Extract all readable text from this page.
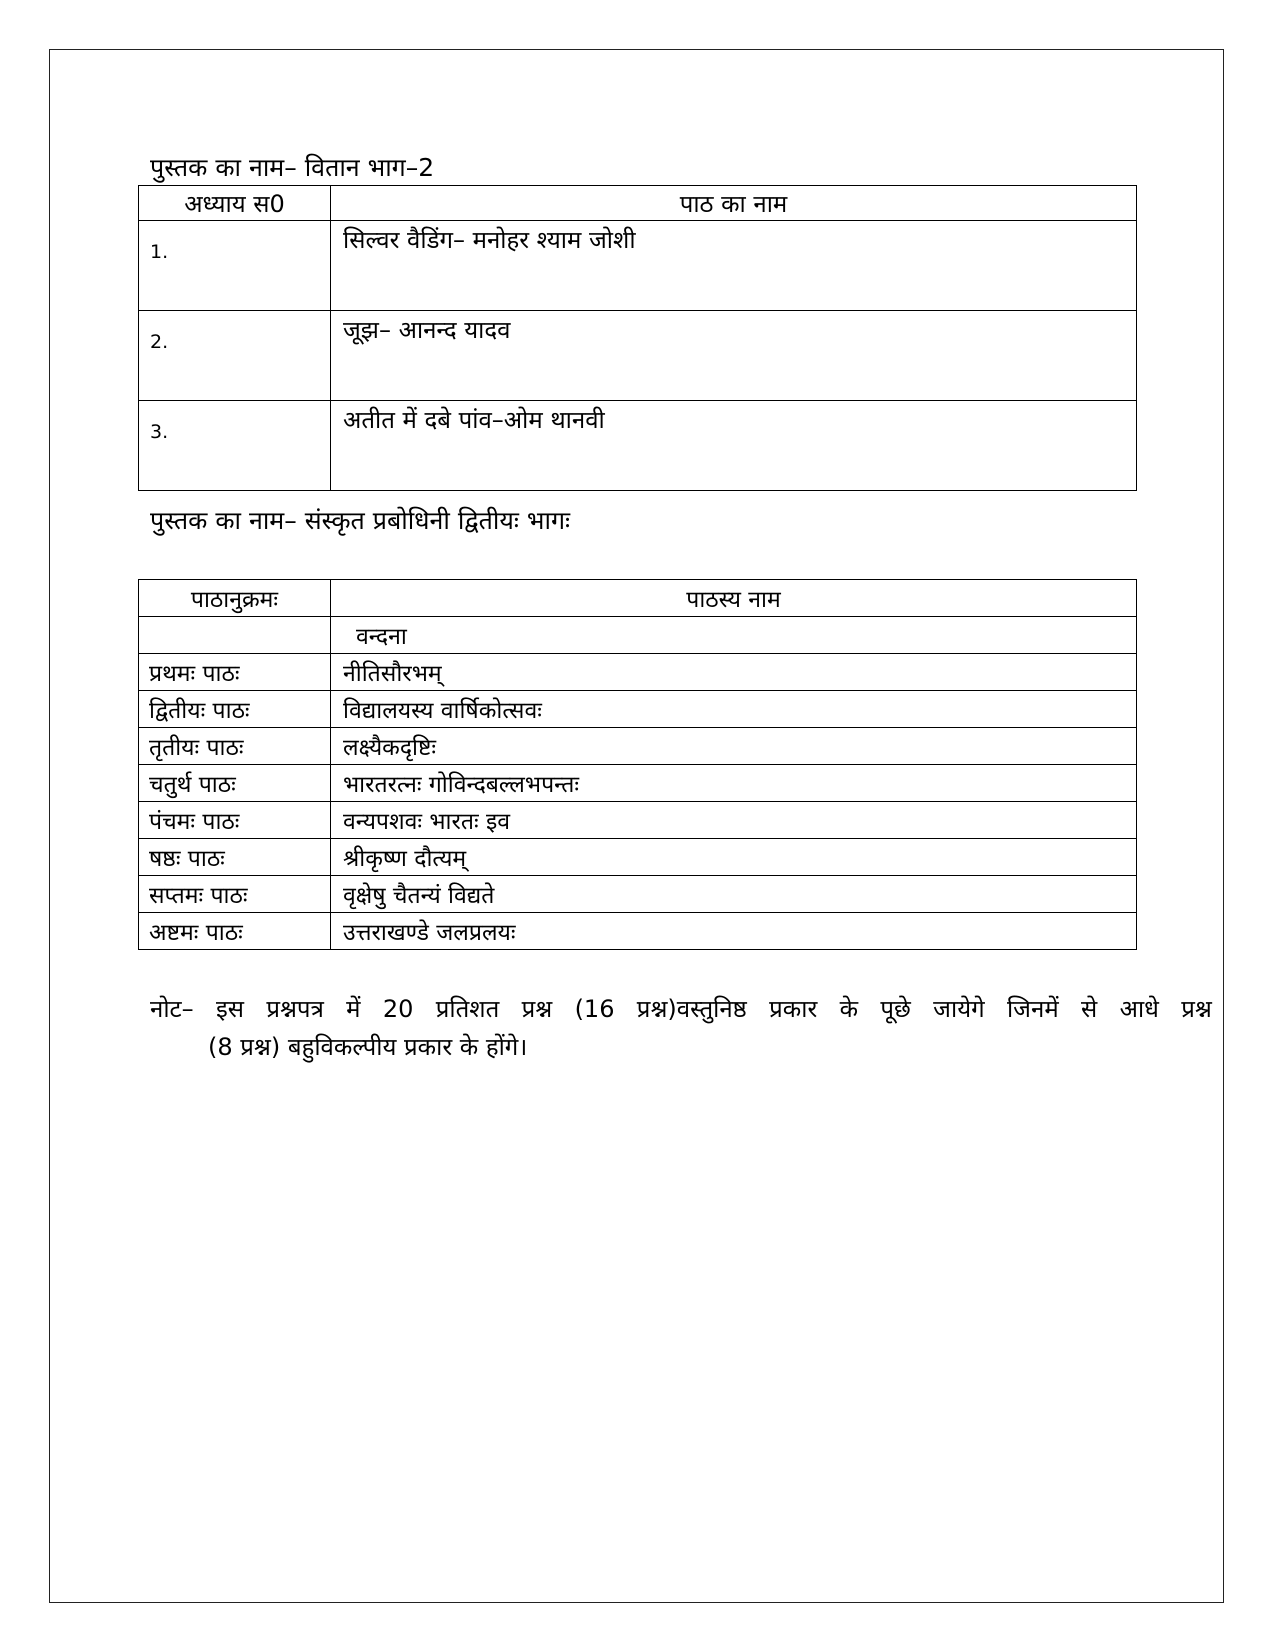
पुस्तक का नाम– वितान भाग–2
अध्याय स0	पाठ का नाम
1.	सिल्वर वैडिंग– मनोहर श्याम जोशी
2.	जूझ– आनन्द यादव
3.	अतीत में दबे पांव–ओम थानवी
पुस्तक का नाम– संस्कृत प्रबोधिनी द्वितीयः भागः
पाठानुक्रमः	पाठस्य नाम
	वन्दना
प्रथमः पाठः	नीतिसौरभम्
द्वितीयः पाठः	विद्यालयस्य वार्षिकोत्सवः
तृतीयः पाठः	लक्ष्यैकदृष्टिः
चतुर्थ पाठः	भारतरत्नः गोविन्दबल्लभपन्तः
पंचमः पाठः	वन्यपशवः भारतः इव
षष्ठः पाठः	श्रीकृष्ण दौत्यम्
सप्तमः पाठः	वृक्षेषु चैतन्यं विद्यते
अष्टमः पाठः	उत्तराखण्डे जलप्रलयः
नोट– इस प्रश्नपत्र में 20 प्रतिशत प्रश्न (16 प्रश्न)वस्तुनिष्ठ प्रकार के पूछे जायेगे जिनमें से आधे प्रश्न
(8 प्रश्न) बहुविकल्पीय प्रकार के होंगे।
